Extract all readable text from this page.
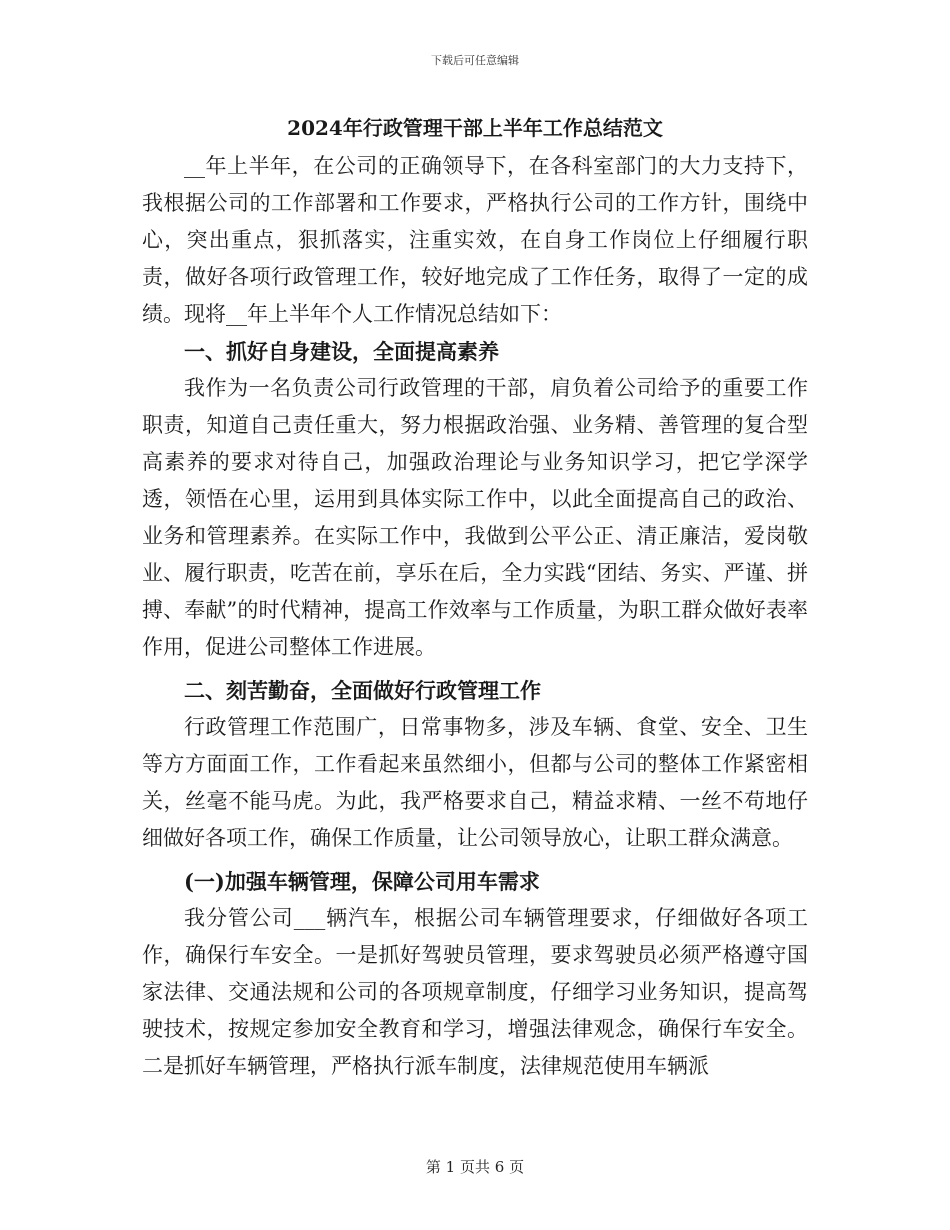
下载后可任意编辑
2024年行政管理干部上半年工作总结范文

__年上半年，在公司的正确领导下，在各科室部门的大力支持下，我根据公司的工作部署和工作要求，严格执行公司的工作方针，围绕中心，突出重点，狠抓落实，注重实效，在自身工作岗位上仔细履行职责，做好各项行政管理工作，较好地完成了工作任务，取得了一定的成绩。现将__年上半年个人工作情况总结如下：

一、抓好自身建设，全面提高素养

我作为一名负责公司行政管理的干部，肩负着公司给予的重要工作职责，知道自己责任重大，努力根据政治强、业务精、善管理的复合型高素养的要求对待自己，加强政治理论与业务知识学习，把它学深学透，领悟在心里，运用到具体实际工作中，以此全面提高自己的政治、业务和管理素养。在实际工作中，我做到公平公正、清正廉洁，爱岗敬业、履行职责，吃苦在前，享乐在后，全力实践“团结、务实、严谨、拼搏、奉献”的时代精神，提高工作效率与工作质量，为职工群众做好表率作用，促进公司整体工作进展。

二、刻苦勤奋，全面做好行政管理工作

行政管理工作范围广，日常事物多，涉及车辆、食堂、安全、卫生等方方面面工作，工作看起来虽然细小，但都与公司的整体工作紧密相关，丝毫不能马虎。为此，我严格要求自己，精益求精、一丝不苟地仔细做好各项工作，确保工作质量，让公司领导放心，让职工群众满意。

(一)加强车辆管理，保障公司用车需求

我分管公司___辆汽车，根据公司车辆管理要求，仔细做好各项工作，确保行车安全。一是抓好驾驶员管理，要求驾驶员必须严格遵守国家法律、交通法规和公司的各项规章制度，仔细学习业务知识，提高驾驶技术，按规定参加安全教育和学习，增强法律观念，确保行车安全。二是抓好车辆管理，严格执行派车制度，法律规范使用车辆派

第 1 页共 6 页
